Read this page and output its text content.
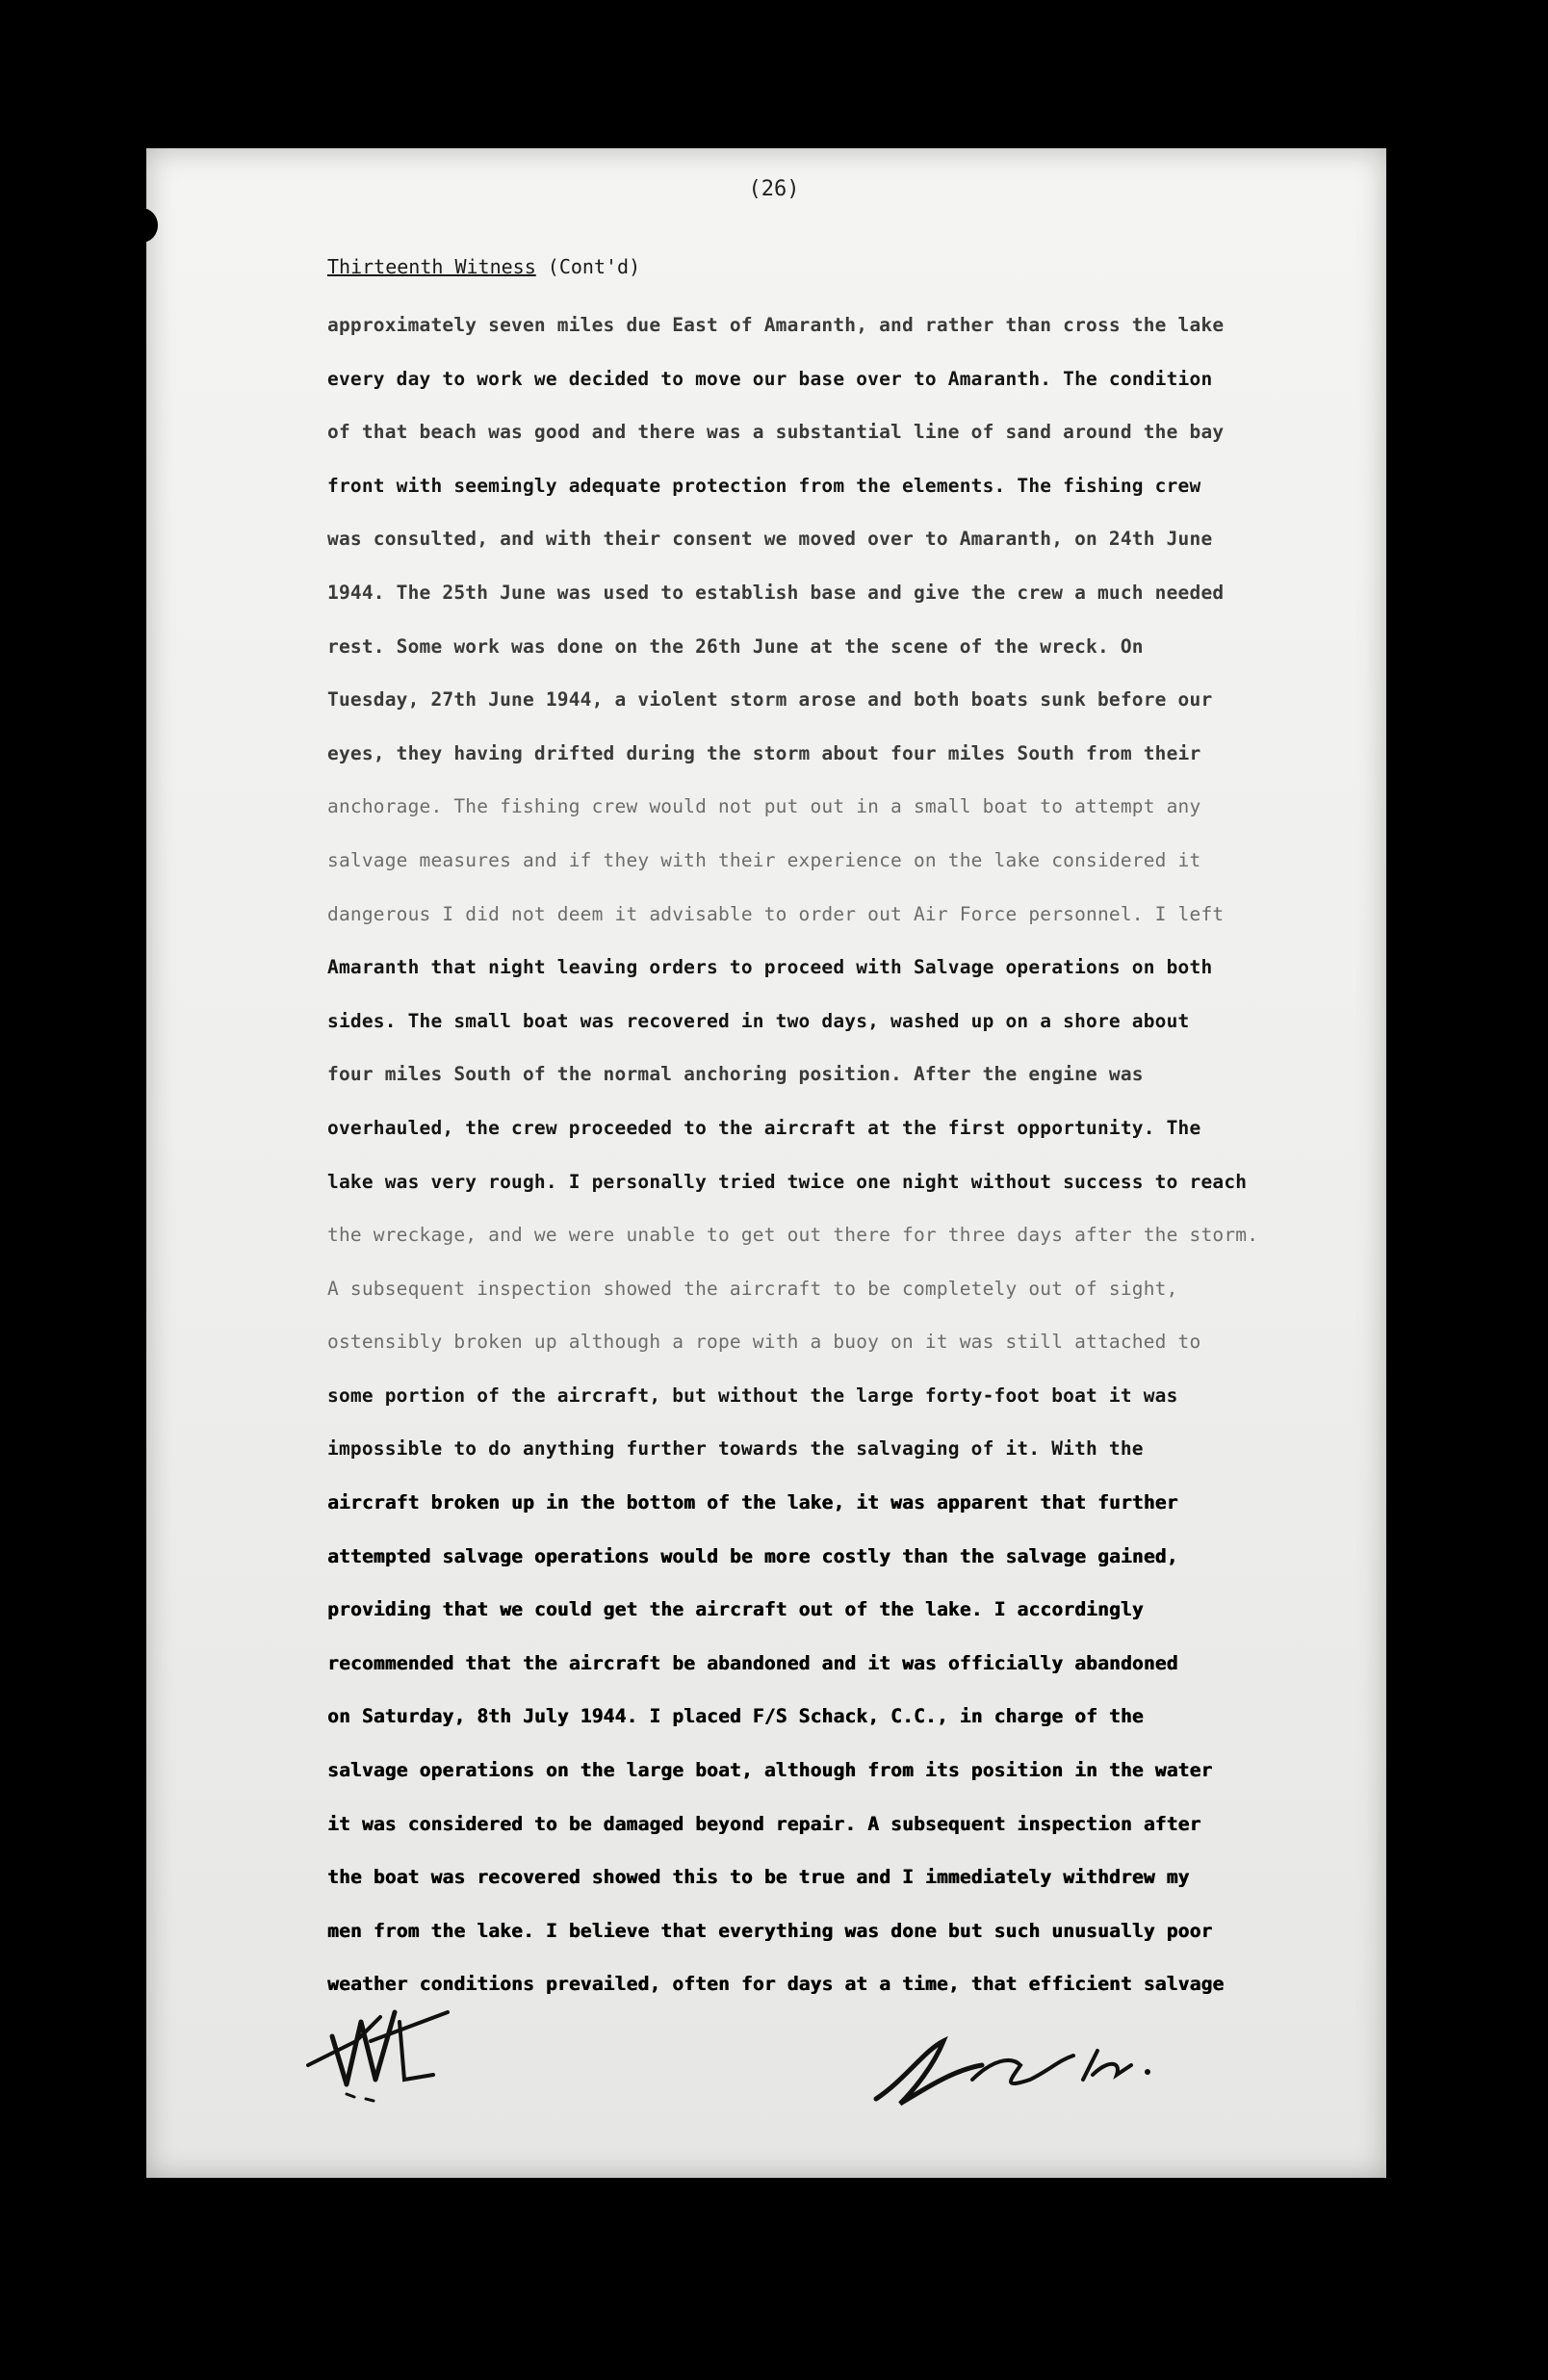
(26)
Thirteenth Witness (Cont'd)
approximately seven miles due East of Amaranth, and rather than cross the lake
every day to work we decided to move our base over to Amaranth. The condition
of that beach was good and there was a substantial line of sand around the bay
front with seemingly adequate protection from the elements. The fishing crew
was consulted, and with their consent we moved over to Amaranth, on 24th June
1944. The 25th June was used to establish base and give the crew a much needed
rest. Some work was done on the 26th June at the scene of the wreck. On
Tuesday, 27th June 1944, a violent storm arose and both boats sunk before our
eyes, they having drifted during the storm about four miles South from their
anchorage. The fishing crew would not put out in a small boat to attempt any
salvage measures and if they with their experience on the lake considered it
dangerous I did not deem it advisable to order out Air Force personnel. I left
Amaranth that night leaving orders to proceed with Salvage operations on both
sides. The small boat was recovered in two days, washed up on a shore about
four miles South of the normal anchoring position. After the engine was
overhauled, the crew proceeded to the aircraft at the first opportunity. The
lake was very rough. I personally tried twice one night without success to reach
the wreckage, and we were unable to get out there for three days after the storm.
A subsequent inspection showed the aircraft to be completely out of sight,
ostensibly broken up although a rope with a buoy on it was still attached to
some portion of the aircraft, but without the large forty-foot boat it was
impossible to do anything further towards the salvaging of it. With the
aircraft broken up in the bottom of the lake, it was apparent that further
attempted salvage operations would be more costly than the salvage gained,
providing that we could get the aircraft out of the lake. I accordingly
recommended that the aircraft be abandoned and it was officially abandoned
on Saturday, 8th July 1944. I placed F/S Schack, C.C., in charge of the
salvage operations on the large boat, although from its position in the water
it was considered to be damaged beyond repair. A subsequent inspection after
the boat was recovered showed this to be true and I immediately withdrew my
men from the lake. I believe that everything was done but such unusually poor
weather conditions prevailed, often for days at a time, that efficient salvage
